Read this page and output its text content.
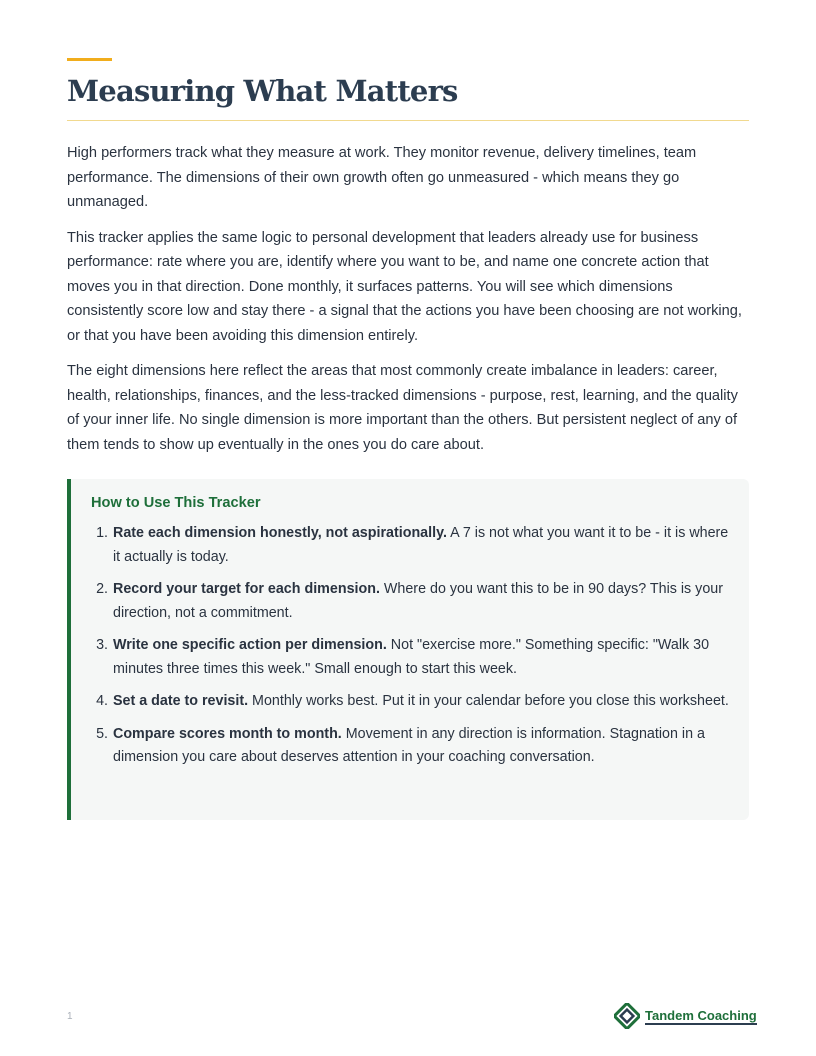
Measuring What Matters

High performers track what they measure at work. They monitor revenue, delivery timelines, team performance. The dimensions of their own growth often go unmeasured - which means they go unmanaged.

This tracker applies the same logic to personal development that leaders already use for business performance: rate where you are, identify where you want to be, and name one concrete action that moves you in that direction. Done monthly, it surfaces patterns. You will see which dimensions consistently score low and stay there - a signal that the actions you have been choosing are not working, or that you have been avoiding this dimension entirely.

The eight dimensions here reflect the areas that most commonly create imbalance in leaders: career, health, relationships, finances, and the less-tracked dimensions - purpose, rest, learning, and the quality of your inner life. No single dimension is more important than the others. But persistent neglect of any of them tends to show up eventually in the ones you do care about.

How to Use This Tracker
1. Rate each dimension honestly, not aspirationally. A 7 is not what you want it to be - it is where it actually is today.
2. Record your target for each dimension. Where do you want this to be in 90 days? This is your direction, not a commitment.
3. Write one specific action per dimension. Not "exercise more." Something specific: "Walk 30 minutes three times this week." Small enough to start this week.
4. Set a date to revisit. Monthly works best. Put it in your calendar before you close this worksheet.
5. Compare scores month to month. Movement in any direction is information. Stagnation in a dimension you care about deserves attention in your coaching conversation.
1	Tandem Coaching
